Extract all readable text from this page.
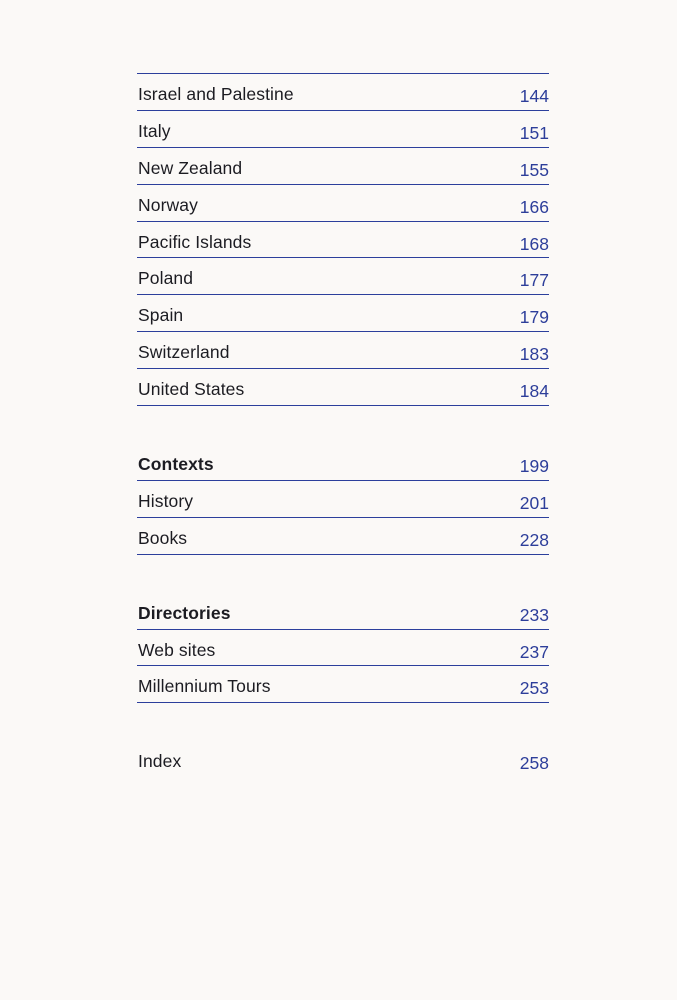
Israel and Palestine	144
Italy	151
New Zealand	155
Norway	166
Pacific Islands	168
Poland	177
Spain	179
Switzerland	183
United States	184
Contexts	199
History	201
Books	228
Directories	233
Web sites	237
Millennium Tours	253
Index	258
